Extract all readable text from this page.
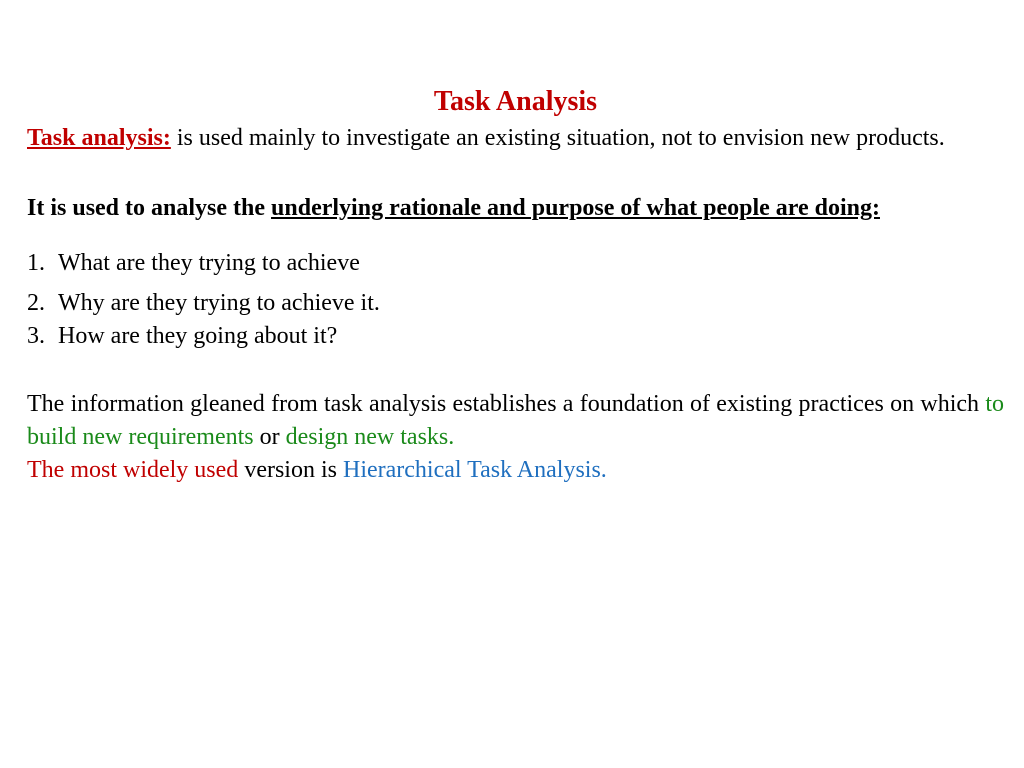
Task Analysis

Task analysis: is used mainly to investigate an existing situation, not to envision new products.

It is used to analyse the underlying rationale and purpose of what people are doing:

1. What are they trying to achieve
2. Why are they trying to achieve it.
3. How are they going about it?

The information gleaned from task analysis establishes a foundation of existing practices on which to build new requirements or design new tasks.
The most widely used version is Hierarchical Task Analysis.
